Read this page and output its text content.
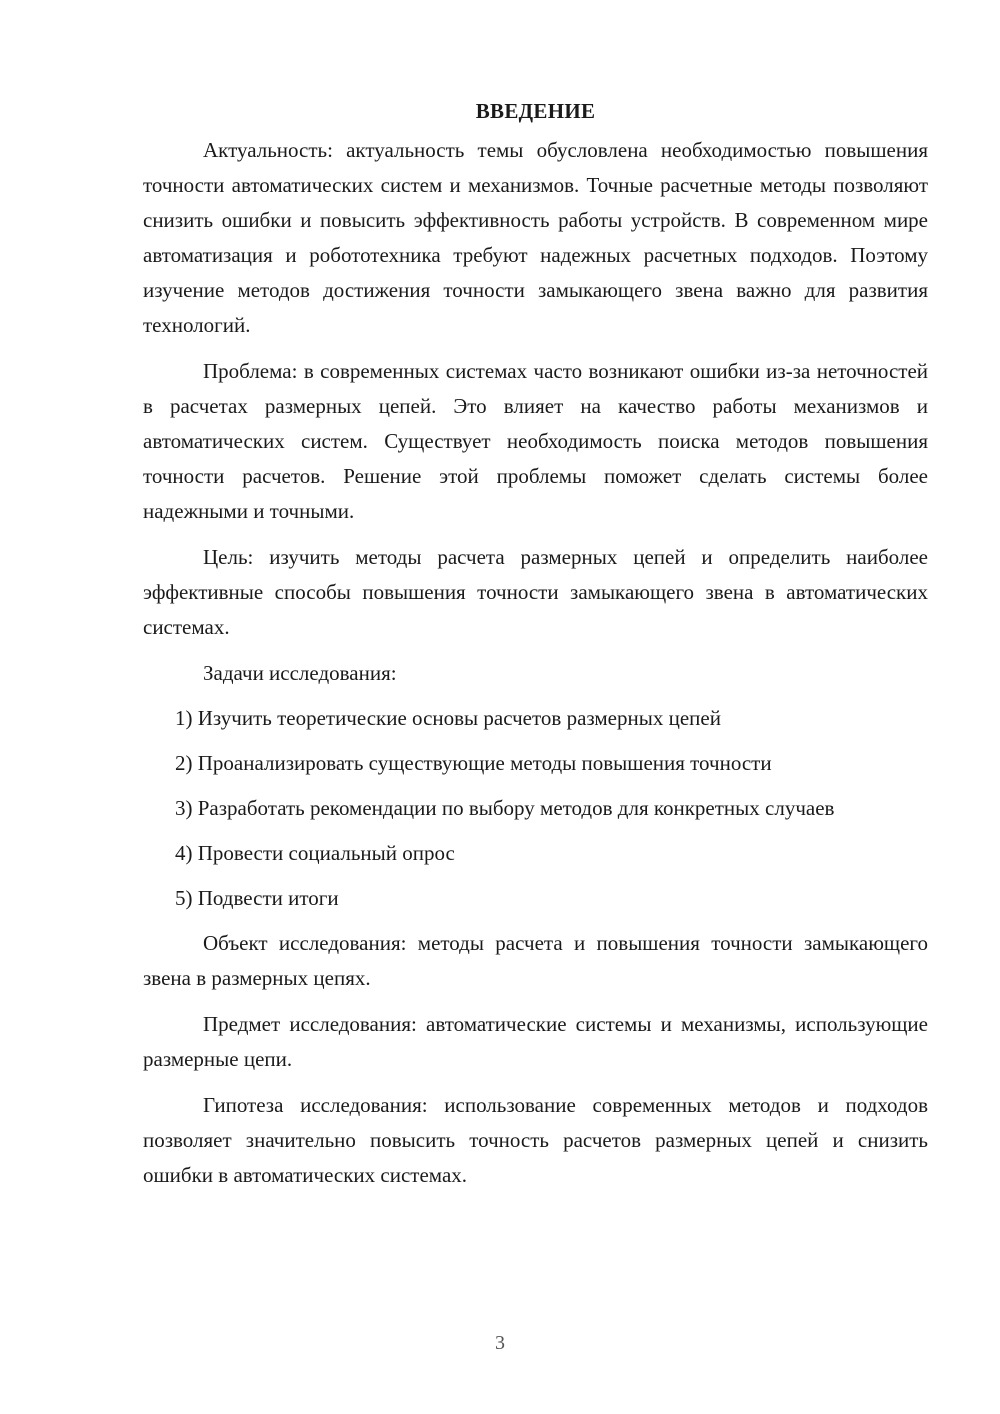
ВВЕДЕНИЕ

Актуальность: актуальность темы обусловлена необходимостью повышения точности автоматических систем и механизмов. Точные расчетные методы позволяют снизить ошибки и повысить эффективность работы устройств. В современном мире автоматизация и робототехника требуют надежных расчетных подходов. Поэтому изучение методов достижения точности замыкающего звена важно для развития технологий.

Проблема: в современных системах часто возникают ошибки из-за неточностей в расчетах размерных цепей. Это влияет на качество работы механизмов и автоматических систем. Существует необходимость поиска методов повышения точности расчетов. Решение этой проблемы поможет сделать системы более надежными и точными.

Цель: изучить методы расчета размерных цепей и определить наиболее эффективные способы повышения точности замыкающего звена в автоматических системах.

Задачи исследования:

1) Изучить теоретические основы расчетов размерных цепей

2) Проанализировать существующие методы повышения точности

3) Разработать рекомендации по выбору методов для конкретных случаев

4) Провести социальный опрос

5) Подвести итоги

Объект исследования: методы расчета и повышения точности замыкающего звена в размерных цепях.

Предмет исследования: автоматические системы и механизмы, использующие размерные цепи.

Гипотеза исследования: использование современных методов и подходов позволяет значительно повысить точность расчетов размерных цепей и снизить ошибки в автоматических системах.

3
